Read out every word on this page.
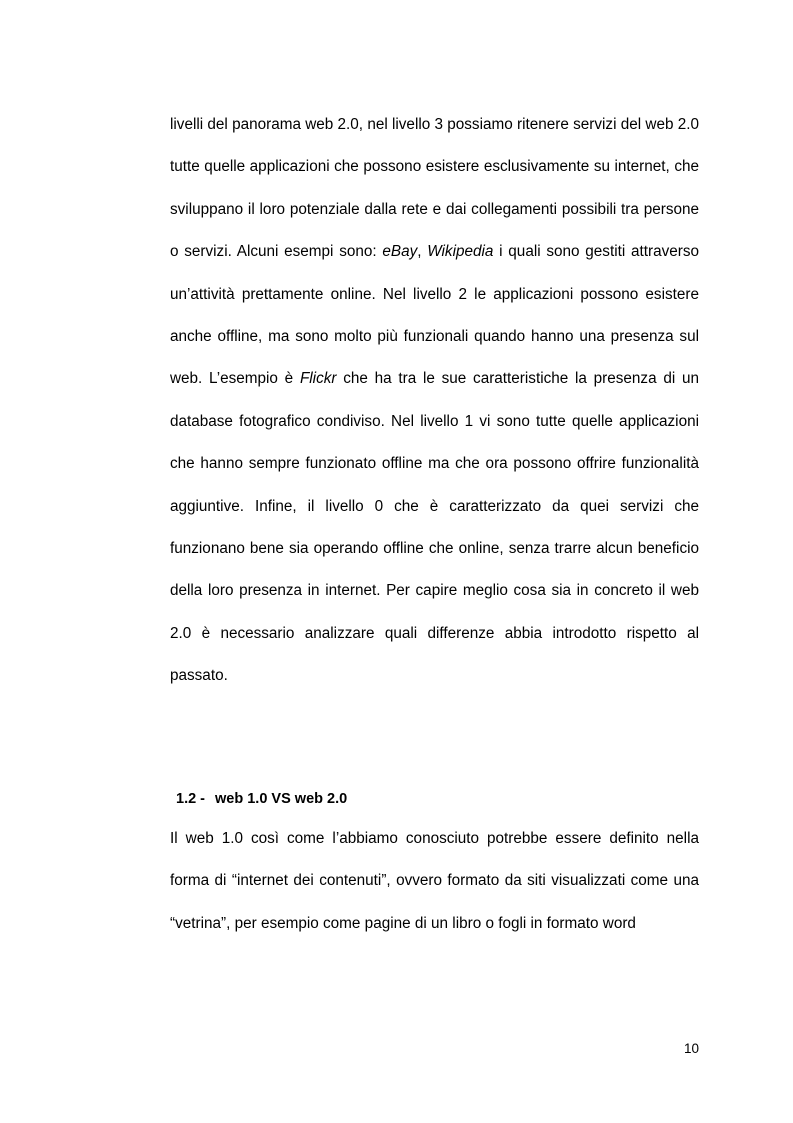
livelli del panorama web 2.0, nel livello 3 possiamo ritenere servizi del web 2.0 tutte quelle applicazioni che possono esistere esclusivamente su internet, che sviluppano il loro potenziale dalla rete e dai collegamenti possibili tra persone o servizi. Alcuni esempi sono: eBay, Wikipedia i quali sono gestiti attraverso un’attività prettamente online. Nel livello 2 le applicazioni possono esistere anche offline, ma sono molto più funzionali quando hanno una presenza sul web. L’esempio è Flickr che ha tra le sue caratteristiche la presenza di un database fotografico condiviso. Nel livello 1 vi sono tutte quelle applicazioni che hanno sempre funzionato offline ma che ora possono offrire funzionalità aggiuntive. Infine, il livello 0 che è caratterizzato da quei servizi che funzionano bene sia operando offline che online, senza trarre alcun beneficio della loro presenza in internet. Per capire meglio cosa sia in concreto il web 2.0 è necessario analizzare quali differenze abbia introdotto rispetto al passato.

1.2 - web 1.0 VS web 2.0

Il web 1.0 così come l’abbiamo conosciuto potrebbe essere definito nella forma di “internet dei contenuti”, ovvero formato da siti visualizzati come una “vetrina”, per esempio come pagine di un libro o fogli in formato word

10
